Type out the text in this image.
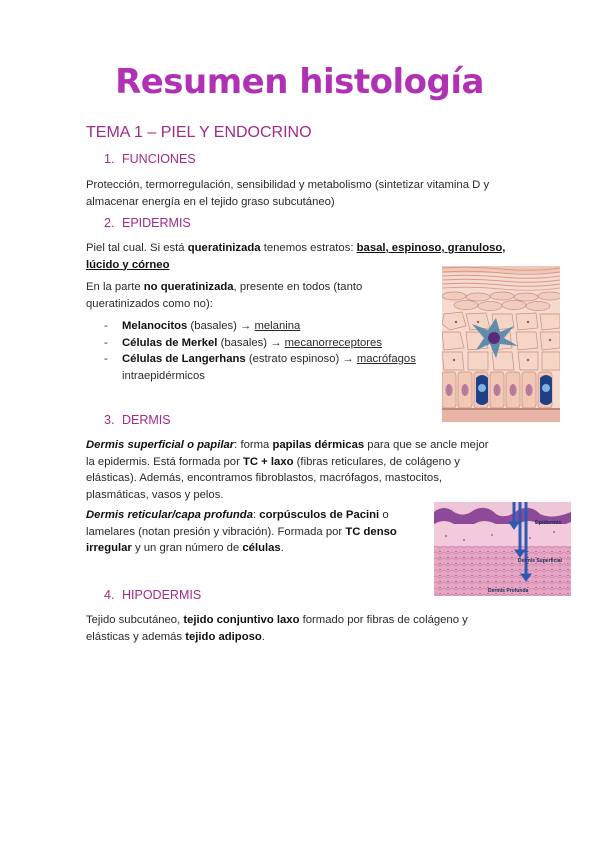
Resumen histología
TEMA 1 – PIEL Y ENDOCRINO
1. FUNCIONES
Protección, termorregulación, sensibilidad y metabolismo (sintetizar vitamina D y almacenar energía en el tejido graso subcutáneo)
2. EPIDERMIS
Piel tal cual. Si está queratinizada tenemos estratos: basal, espinoso, granuloso, lúcido y córneo
En la parte no queratinizada, presente en todos (tanto queratinizados como no):
- Melanocitos (basales) → melanina
- Células de Merkel (basales) → mecanorreceptores
- Células de Langerhans (estrato espinoso) → macrófagos
intraepidérmicos
3. DERMIS
Dermis superficial o papilar: forma papilas dérmicas para que se ancle mejor la epidermis. Está formada por TC + laxo (fibras reticulares, de colágeno y elásticas). Además, encontramos fibroblastos, macrófagos, mastocitos, plasmáticas, vasos y pelos.
Dermis reticular/capa profunda: corpúsculos de Pacini o lamelares (notan presión y vibración). Formada por TC denso irregular y un gran número de células.
Epidermis
Dermis Superficial
Dermis Profunda
4. HIPODERMIS
Tejido subcutáneo, tejido conjuntivo laxo formado por fibras de colágeno y elásticas y además tejido adiposo.
